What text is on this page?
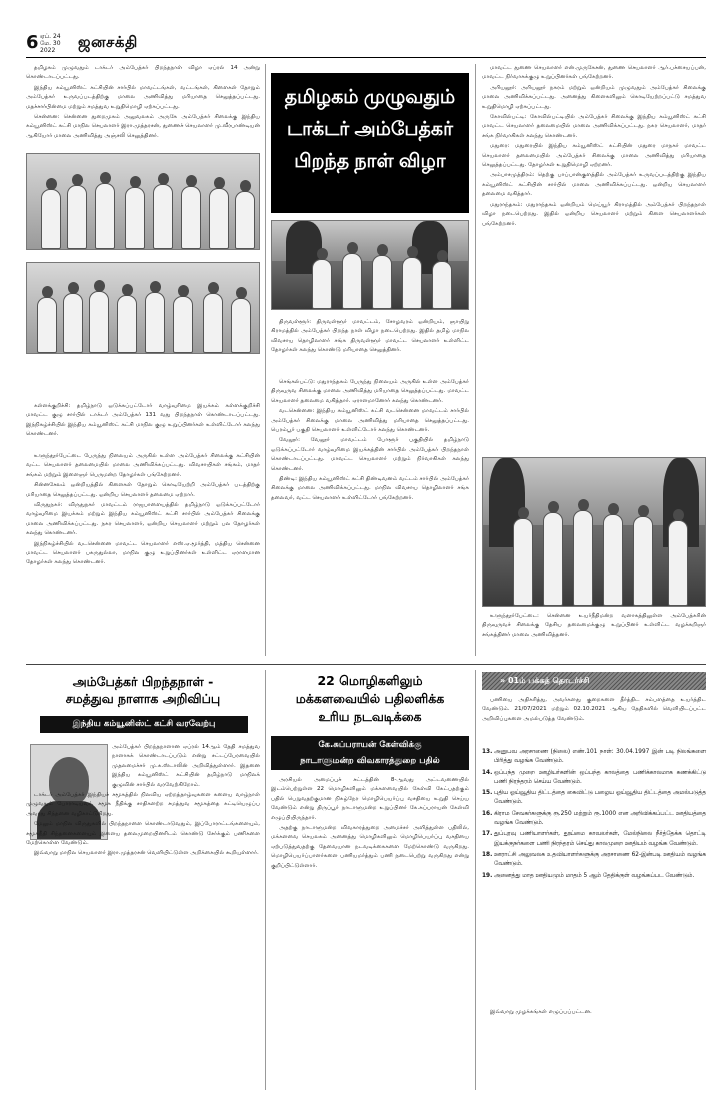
6 ஏப். 24
மே. 30
2022	ஜனசக்தி

தமிழகம் முழுவதும் டாக்டர் அம்பேத்கர் பிறந்தநாள் விழா ஏப்ரல் 14 அன்று கொண்டாடப்பட்டது.

இந்திய கம்யூனிஸ்ட் கட்சியின் சார்பில் மாவட்டங்கள், வட்டங்கள், கிளைகள் தோறும் அம்பேத்கர் உருவப்படத்திற்கு மாலை அணிவித்து மரியாதை செலுத்தப்பட்டது. மதச்சார்பின்மை மற்றும் சமத்துவ உறுதிமொழி ஏற்கப்பட்டது.

சென்னை: சென்னை துறைமுகம் அலுவலகம் அருகே அம்பேத்கர் சிலைக்கு இந்திய கம்யூனிஸ்ட் கட்சி மாநில செயலாளர் இரா.முத்தரசன், துணைச் செயலாளர் மு.வீரபாண்டியன் ஆகியோர் மாலை அணிவித்து அஞ்சலி செலுத்தினர்.

கள்ளக்குறிச்சி: தமிழ்நாடு ஒடுக்கப்பட்டோர் வாழ்வுரிமை இயக்கம் கள்ளக்குறிச்சி மாவட்ட குழு சார்பில் டாக்டர் அம்பேத்கர் 131 வது பிறந்தநாள் கொண்டாடப்பட்டது. இந்நிகழ்ச்சியில் இந்திய கம்யூனிஸ்ட் கட்சி மாநில குழு உறுப்பினர்கள் உள்ளிட்டோர் கலந்து கொண்டனர்.

உளுந்தூர்பேட்டை பேருந்து நிலையம் அருகில் உள்ள அம்பேத்கர் சிலைக்கு கட்சியின் வட்ட செயலாளர் தலைமையில் மாலை அணிவிக்கப்பட்டது. விவசாயிகள் சங்கம், மாதர் சங்கம் மற்றும் இளைஞர் பெருமன்ற தோழர்கள் பங்கேற்றனர்.

சின்னசேலம் ஒன்றியத்தில் கிளைகள் தோறும் கொடியேற்றி அம்பேத்கர் படத்திற்கு மரியாதை செலுத்தப்பட்டது. ஒன்றிய செயலாளர் தலைமை ஏற்றார்.

விருதுநகர்: விருதுநகர் மாவட்டம் ராஜபாளையத்தில் தமிழ்நாடு ஒடுக்கப்பட்டோர் வாழ்வுரிமை இயக்கம் மற்றும் இந்திய கம்யூனிஸ்ட் கட்சி சார்பில் அம்பேத்கர் சிலைக்கு மாலை அணிவிக்கப்பட்டது. நகர செயலாளர், ஒன்றிய செயலாளர் மற்றும் பல தோழர்கள் கலந்து கொண்டனர்.

இந்நிகழ்ச்சியில் வடசென்னை மாவட்ட செயலாளர் எஸ்.ஏ.மூர்த்தி, மத்திய சென்னை மாவட்ட செயலாளர் பசுருதுல்லா, மாநில குழு உறுப்பினர்கள் உள்ளிட்ட ஏராளமான தோழர்கள் கலந்து கொண்டனர்.

தமிழகம் முழுவதும்
டாக்டர் அம்பேத்கர்
பிறந்த நாள் விழா

திருவள்ளூர்: திருவள்ளூர் மாவட்டம், சோழவரம் ஒன்றியம், ஞாயிறு கிராமத்தில் அம்பேத்கர் பிறந்த நாள் விழா நடைபெற்றது. இதில் தமிழ் மாநில விவசாய தொழிலாளர் சங்க திருவள்ளூர் மாவட்ட செயலாளர் உள்ளிட்ட தோழர்கள் கலந்து கொண்டு மரியாதை செலுத்தினர்.

செங்கல்பட்டு: மதுராந்தகம் பேருந்து நிலையம் அருகில் உள்ள அம்பேத்கர் திருவுருவ சிலைக்கு மாலை அணிவித்து மரியாதை செலுத்தப்பட்டது. மாவட்ட செயலாளர் தலைமை வகித்தார். ஏராளமானோர் கலந்து கொண்டனர்.

வடசென்னை: இந்திய கம்யூனிஸ்ட் கட்சி வடசென்னை மாவட்டம் சார்பில் அம்பேத்கர் சிலைக்கு மாலை அணிவித்து மரியாதை செலுத்தப்பட்டது. பெரம்பூர் பகுதி செயலாளர் உள்ளிட்டோர் கலந்து கொண்டனர்.

வேலூர்: வேலூர் மாவட்டம் போளூர் பகுதியில் தமிழ்நாடு ஒடுக்கப்பட்டோர் வாழ்வுரிமை இயக்கத்தின் சார்பில் அம்பேத்கர் பிறந்தநாள் கொண்டாடப்பட்டது. மாவட்ட செயலாளர் மற்றும் நிர்வாகிகள் கலந்து கொண்டனர்.

திண்டி: இந்திய கம்யூனிஸ்ட் கட்சி திண்டிவனம் வட்டம் சார்பில் அம்பேத்கர் சிலைக்கு மாலை அணிவிக்கப்பட்டது. மாநில விவசாய தொழிலாளர் சங்க தலைவர், வட்ட செயலாளர் உள்ளிட்டோர் பங்கேற்றனர்.

மாவட்ட துணை செயலாளர் என்.முருகேசன், துணை செயலாளர் ஆர்.பச்சையப்பன், மாவட்ட நிர்வாகக்குழு உறுப்பினர்கள் பங்கேற்றனர்.

அரியலூர்: அரியலூர் நகரம் மற்றும் ஒன்றியம் முழுவதும் அம்பேத்கர் சிலைக்கு மாலை அணிவிக்கப்பட்டது. அனைத்து கிளைகளிலும் கொடியேற்றப்பட்டு சமத்துவ உறுதிமொழி ஏற்கப்பட்டது.

கோவில்பட்டி: கோவில்பட்டியில் அம்பேத்கர் சிலைக்கு இந்திய கம்யூனிஸ்ட் கட்சி மாவட்ட செயலாளர் தலைமையில் மாலை அணிவிக்கப்பட்டது. நகர செயலாளர், மாதர் சங்க நிர்வாகிகள் கலந்து கொண்டனர்.

மதுரை: மதுரையில் இந்திய கம்யூனிஸ்ட் கட்சியின் மதுரை மாநகர் மாவட்ட செயலாளர் தலைமையில் அம்பேத்கர் சிலைக்கு மாலை அணிவித்து மரியாதை செலுத்தப்பட்டது. தோழர்கள் உறுதிமொழி ஏற்றனர்.

அம்பாசமுத்திரம்: தெற்கு பாப்பான்குளத்தில் அம்பேத்கர் உருவப்படத்திற்கு இந்திய கம்யூனிஸ்ட் கட்சியின் சார்பில் மாலை அணிவிக்கப்பட்டது. ஒன்றிய செயலாளர் தலைமை வகித்தார்.

மதுராந்தகம்: மதுராந்தகம் ஒன்றியம் மெய்யூர் கிராமத்தில் அம்பேத்கர் பிறந்தநாள் விழா நடைபெற்றது. இதில் ஒன்றிய செயலாளர் மற்றும் கிளை செயலாளர்கள் பங்கேற்றனர்.

உளுந்தூர்பேட்டை: சென்னை உயர்நீதிமன்ற வளாகத்திலுள்ள அம்பேத்கரின் திருவுருவச் சிலைக்கு தேசிய தலைமைக்குழு உறுப்பினர் உள்ளிட்ட வழக்கறிஞர் சங்கத்தினர் மாலை அணிவித்தனர்.

அம்பேத்கர் பிறந்தநாள் -
சமத்துவ நாளாக அறிவிப்பு
இந்திய கம்யூனிஸ்ட் கட்சி வரவேற்பு

அம்பேத்கர் பிறந்தநாளான ஏப்ரல் 14ஆம் தேதி சமத்துவ நாளாகக் கொண்டாடப்படும் என்று சட்டப்பேரவையில் முதலமைச்சர் மு.க.ஸ்டாலின் அறிவித்துள்ளார். இதனை இந்திய கம்யூனிஸ்ட் கட்சியின் தமிழ்நாடு மாநிலக் குழுவின் சார்பில் வரவேற்கிறோம்.

டாக்டர் அம்பேத்கர் இந்தியச் சமூகத்தில் நிலவிய ஏற்றத்தாழ்வுகளை களைய வாழ்நாள் முழுவதும் போராடியவர். சமூக நீதிக்கு சாதிகளற்ற சமத்துவ சமூகத்தை கட்டியெழுப்ப அவரது சிந்தனை வழிகாட்டுகிறது.

மேலும் மாநில விருதுகளில் பிறந்தநாளை கொண்டாடுவதும், இப்போராட்டங்களையும், சமூகநீதி சிந்தனைகளையும் இளைய தலைமுறையினரிடம் கொண்டு சேர்க்கும் பணிகளை மேற்கொள்ள வேண்டும்.

இவ்வாறு மாநில செயலாளர் இரா.முத்தரசன் வெளியிட்டுள்ள அறிக்கையில் கூறியுள்ளார்.

22 மொழிகளிலும்
மக்களவையில் பதிலளிக்க
உரிய நடவடிக்கை
கே.சுப்பராயன் கேள்விக்கு
நாடாளுமன்ற விவகாரத்துறை பதில்

அரசியல் அமைப்புச் சட்டத்தின் 8-ஆவது அட்டவணையில் இடம்பெற்றுள்ள 22 மொழிகளிலும் மக்களவையில் கேள்வி கேட்பதற்கும் பதில் பெறுவதற்குமான நிகழ்நேர மொழிபெயர்ப்பு வசதியை உறுதி செய்ய வேண்டும் என்று திருப்பூர் நாடாளுமன்ற உறுப்பினர் கே.சுப்பராயன் கேள்வி எழுப்பியிருந்தார்.

அதற்கு நாடாளுமன்ற விவகாரத்துறை அமைச்சர் அளித்துள்ள பதிலில், மக்களவை செயலகம் அனைத்து மொழிகளிலும் மொழிபெயர்ப்பு வசதியை ஏற்படுத்துவதற்கு தேவையான நடவடிக்கைகளை மேற்கொண்டு வருகிறது. மொழிபெயர்ப்பாளர்களை பணியமர்த்தும் பணி நடைபெற்று வருகிறது என்று குறிப்பிட்டுள்ளார்.

» 01ம் பக்கத் தொடர்ச்சி

பணியை அதிகரித்து, அவர்களது குறைகளை தீர்த்திட சம்பளத்தை உயர்த்திட வேண்டும். 21/07/2021 மற்றும் 02.10.2021 ஆகிய தேதிகளில் வெளியிடப்பட்ட அறிவிப்புகளை அமல்படுத்த வேண்டும்.

13. அனுபவ அரசாணை (நிலை) எண்.101 நாள்: 30.04.1997 இன் படி நிலங்களை பிரித்து வழங்க வேண்டும்.
14. ஒப்பந்த முறை ஊழியர்களின் ஒப்பந்த காலத்தை பணிக்காலமாக கணக்கிட்டு பணி நிரந்தரம் செய்ய வேண்டும்.
15. புதிய ஓய்வூதிய திட்டத்தை கைவிட்டு பழைய ஓய்வூதிய திட்டத்தை அமல்படுத்த வேண்டும்.
16. கிராம சேவகர்களுக்கு ரூ.250 மற்றும் ரூ.1000 என அறிவிக்கப்பட்ட ஊதியத்தை வழங்க வேண்டும்.
17. துப்புரவு பணியாளர்கள், தூய்மை காவலர்கள், மேல்நிலை நீர்த்தேக்க தொட்டி இயக்குநர்களை பணி நிரந்தரம் செய்து காலமுறை ஊதியம் வழங்க வேண்டும்.
18. ஊராட்சி அலுவலக உதவியாளர்களுக்கு அரசாணை 62-இன்படி ஊதியம் வழங்க வேண்டும்.
19. அனைத்து மாத ஊதியமும் மாதம் 5 ஆம் தேதிக்குள் வழங்கப்பட வேண்டும்.

இவ்வாறு முழக்கங்கள் எழுப்பப்பட்டன.
